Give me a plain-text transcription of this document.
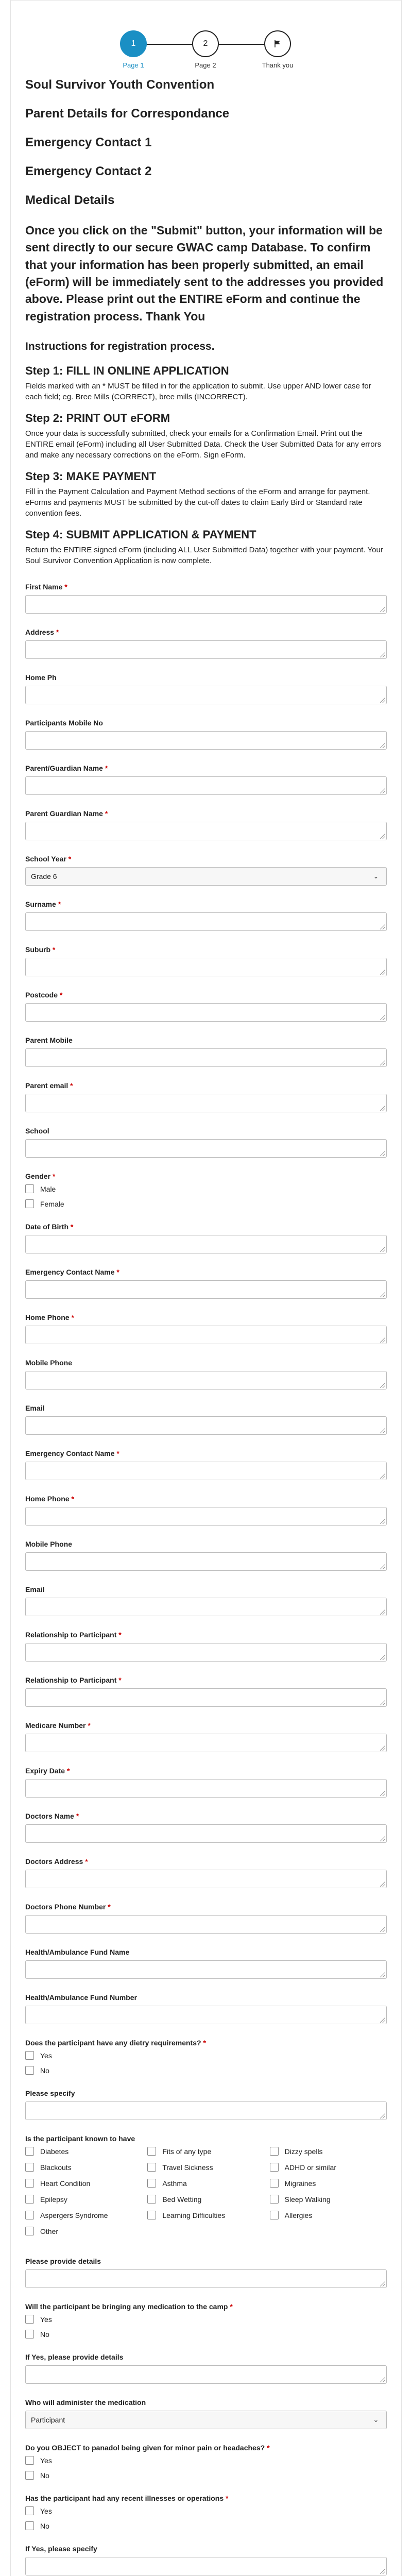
1
Page 1
2
Page 2	Thank you
Soul Survivor Youth Convention
Parent Details for Correspondance
Emergency Contact 1
Emergency Contact 2
Medical Details
Once you click on the "Submit" button, your information will be sent directly to our secure GWAC camp Database. To confirm that your information has been properly submitted, an email (eForm) will be immediately sent to the addresses you provided above. Please print out the ENTIRE eForm and continue the registration process. Thank You
Instructions for registration process.
Step 1: FILL IN ONLINE APPLICATION
Fields marked with an * MUST be filled in for the application to submit. Use upper AND lower case for each field; eg. Bree Mills (CORRECT), bree mills (INCORRECT).
Step 2: PRINT OUT eFORM
Once your data is successfully submitted, check your emails for a Confirmation Email. Print out the ENTIRE email (eForm) including all User Submitted Data. Check the User Submitted Data for any errors and make any necessary corrections on the eForm. Sign eForm.
Step 3: MAKE PAYMENT
Fill in the Payment Calculation and Payment Method sections of the eForm and arrange for payment. eForms and payments MUST be submitted by the cut-off dates to claim Early Bird or Standard rate convention fees.
Step 4: SUBMIT APPLICATION & PAYMENT
Return the ENTIRE signed eForm (including ALL User Submitted Data) together with your payment. Your Soul Survivor Convention Application is now complete.
First Name *
Address *
Home Ph
Participants Mobile No
Parent/Guardian Name *
Parent Guardian Name *
School Year *
Grade 6	⌄
Surname *
Suburb *
Postcode *
Parent Mobile
Parent email *
School
Gender *
Male
Female
Date of Birth *
Emergency Contact Name *
Home Phone *
Mobile Phone
Email
Emergency Contact Name *
Home Phone *
Mobile Phone
Email
Relationship to Participant *
Relationship to Participant *
Medicare Number *
Expiry Date *
Doctors Name *
Doctors Address *
Doctors Phone Number *
Health/Ambulance Fund Name
Health/Ambulance Fund Number
Does the participant have any dietry requirements? *
Yes
No
Please specify
Is the participant known to have
Diabetes	Fits of any type	Dizzy spells
Blackouts	Travel Sickness	ADHD or similar
Heart Condition	Asthma	Migraines
Epilepsy	Bed Wetting	Sleep Walking
Aspergers Syndrome	Learning Difficulties	Allergies
Other
Please provide details
Will the participant be bringing any medication to the camp *
Yes
No
If Yes, please provide details
Who will administer the medication
Participant	⌄
Do you OBJECT to panadol being given for minor pain or headaches? *
Yes
No
Has the participant had any recent illnesses or operations *
Yes
No
If Yes, please specify
